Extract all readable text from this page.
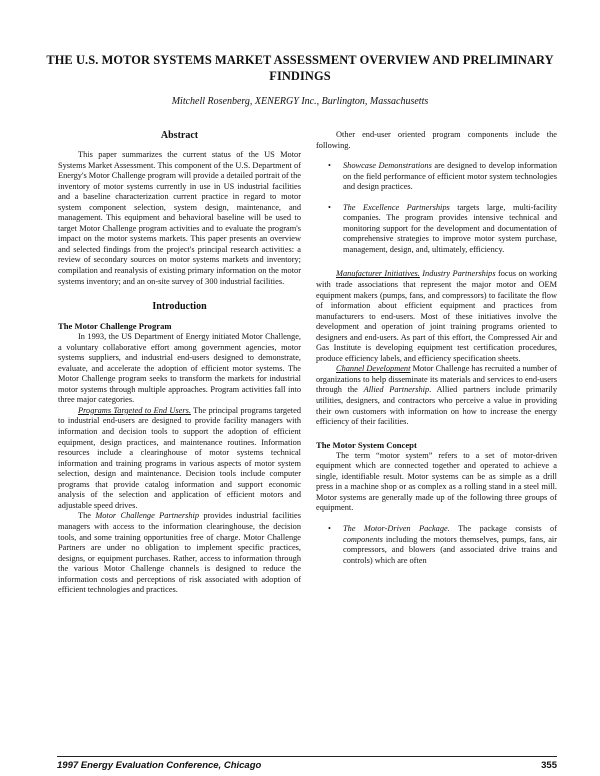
THE U.S. MOTOR SYSTEMS MARKET ASSESSMENT OVERVIEW AND PRELIMINARY FINDINGS

Mitchell Rosenberg, XENERGY Inc., Burlington, Massachusetts

Abstract

This paper summarizes the current status of the US Motor Systems Market Assessment. This component of the U.S. Department of Energy's Motor Challenge program will provide a detailed portrait of the inventory of motor systems currently in use in US industrial facilities and a baseline characterization current practice in regard to motor system component selection, system design, maintenance, and management. This equipment and behavioral baseline will be used to target Motor Challenge program activities and to evaluate the program's impact on the motor systems markets. This paper presents an overview and selected findings from the project's principal research activities: a review of secondary sources on motor systems markets and inventory; compilation and reanalysis of existing primary information on the motor systems inventory; and an on-site survey of 300 industrial facilities.

Introduction
The Motor Challenge Program

In 1993, the US Department of Energy initiated Motor Challenge, a voluntary collaborative effort among government agencies, motor systems suppliers, and industrial end-users designed to demonstrate, evaluate, and accelerate the adoption of efficient motor systems. The Motor Challenge program seeks to transform the markets for industrial motor systems through multiple approaches. Program activities fall into three major categories.

Programs Targeted to End Users. The principal programs targeted to industrial end-users are designed to provide facility managers with information and decision tools to support the adoption of efficient equipment, design practices, and maintenance routines. Information resources include a clearinghouse of motor systems technical information and training programs in various aspects of motor system selection, design and maintenance. Decision tools include computer programs that provide catalog information and support economic analysis of the selection and application of efficient motors and adjustable speed drives.

The Motor Challenge Partnership provides industrial facilities managers with access to the information clearinghouse, the decision tools, and some training opportunities free of charge. Motor Challenge Partners are under no obligation to implement specific practices, designs, or equipment purchases. Rather, access to information through the various Motor Challenge channels is designed to reduce the information costs and perceptions of risk associated with adoption of efficient technologies and practices.

Other end-user oriented program components include the following.

• Showcase Demonstrations are designed to develop information on the field performance of efficient motor system technologies and design practices.
• The Excellence Partnerships targets large, multi-facility companies. The program provides intensive technical and monitoring support for the development and documentation of comprehensive strategies to improve motor system purchase, management, design, and, ultimately, efficiency.

Manufacturer Initiatives. Industry Partnerships focus on working with trade associations that represent the major motor and OEM equipment makers (pumps, fans, and compressors) to facilitate the flow of information about efficient equipment and practices from manufacturers to end-users. Most of these initiatives involve the development and operation of joint training programs oriented to designers and end-users. As part of this effort, the Compressed Air and Gas Institute is developing equipment test certification procedures, produce efficiency labels, and efficiency specification sheets.

Channel Development Motor Challenge has recruited a number of organizations to help disseminate its materials and services to end-users through the Allied Partnership. Allied partners include primarily utilities, designers, and contractors who perceive a value in providing their own customers with information on how to increase the energy efficiency of their facilities.

The Motor System Concept

The term “motor system” refers to a set of motor-driven equipment which are connected together and operated to achieve a single, identifiable result. Motor systems can be as simple as a drill press in a machine shop or as complex as a rolling stand in a steel mill. Motor systems are generally made up of the following three groups of equipment.

• The Motor-Driven Package. The package consists of components including the motors themselves, pumps, fans, air compressors, and blowers (and associated drive trains and controls) which are often
1997 Energy Evaluation Conference, Chicago	355
